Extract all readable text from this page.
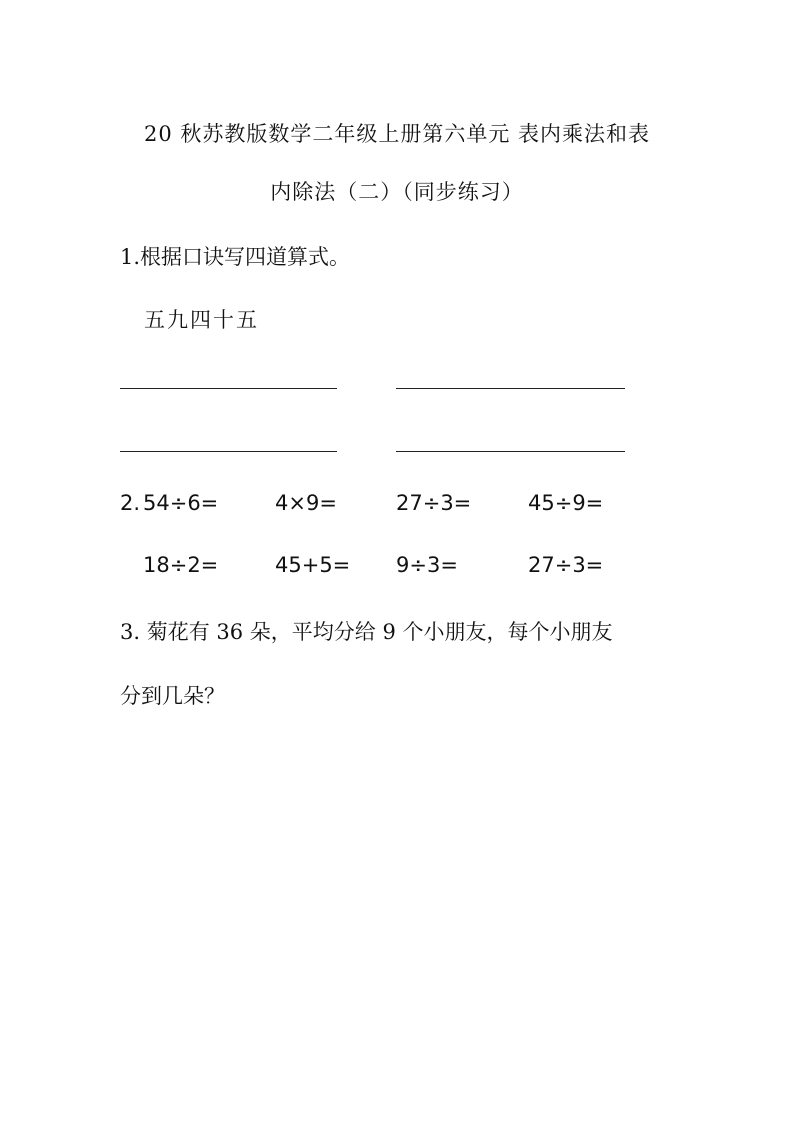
20 秋苏教版数学二年级上册第六单元 表内乘法和表
内除法（二）（同步练习）
1.根据口诀写四道算式。
五九四十五
2. 54÷6=	4×9=	27÷3=	45÷9=
18÷2=	45+5= 9÷3=	27÷3=
3. 菊花有 36 朵，平均分给 9 个小朋友，每个小朋友
分到几朵？
